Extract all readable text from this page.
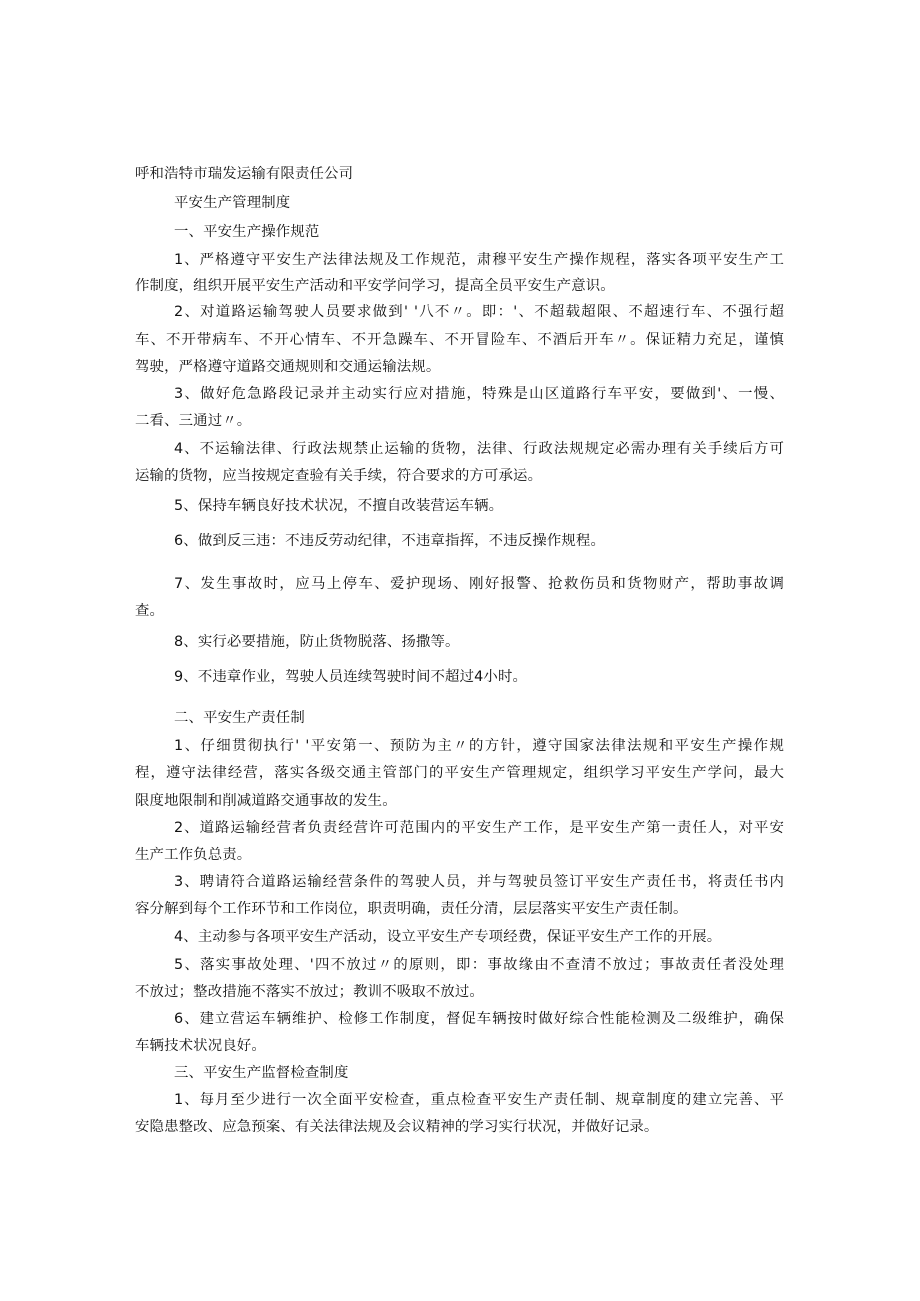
呼和浩特市瑞发运输有限责任公司
平安生产管理制度
一、平安生产操作规范
1、严格遵守平安生产法律法规及工作规范，肃穆平安生产操作规程，落实各项平安生产工
作制度，组织开展平安生产活动和平安学问学习，提高全员平安生产意识。
2、对道路运输驾驶人员要求做到' '八不〃。即：'、不超载超限、不超速行车、不强行超
车、不开带病车、不开心情车、不开急躁车、不开冒险车、不酒后开车〃。保证精力充足，谨慎
驾驶，严格遵守道路交通规则和交通运输法规。
3、做好危急路段记录并主动实行应对措施，特殊是山区道路行车平安，要做到'、一慢、
二看、三通过〃。
4、不运输法律、行政法规禁止运输的货物，法律、行政法规规定必需办理有关手续后方可
运输的货物，应当按规定查验有关手续，符合要求的方可承运。
5、保持车辆良好技术状况，不擅自改装营运车辆。
6、做到反三违：不违反劳动纪律，不违章指挥，不违反操作规程。
7、发生事故时，应马上停车、爱护现场、刚好报警、抢救伤员和货物财产，帮助事故调
查。
8、实行必要措施，防止货物脱落、扬撒等。
9、不违章作业，驾驶人员连续驾驶时间不超过4小时。
二、平安生产责任制
1、仔细贯彻执行' '平安第一、预防为主〃的方针，遵守国家法律法规和平安生产操作规
程，遵守法律经营，落实各级交通主管部门的平安生产管理规定，组织学习平安生产学问，最大
限度地限制和削减道路交通事故的发生。
2、道路运输经营者负责经营许可范围内的平安生产工作，是平安生产第一责任人，对平安
生产工作负总责。
3、聘请符合道路运输经营条件的驾驶人员，并与驾驶员签订平安生产责任书，将责任书内
容分解到每个工作环节和工作岗位，职责明确，责任分清，层层落实平安生产责任制。
4、主动参与各项平安生产活动，设立平安生产专项经费，保证平安生产工作的开展。
5、落实事故处理、'四不放过〃的原则，即：事故缘由不查清不放过；事故责任者没处理
不放过；整改措施不落实不放过；教训不吸取不放过。
6、建立营运车辆维护、检修工作制度，督促车辆按时做好综合性能检测及二级维护，确保
车辆技术状况良好。
三、平安生产监督检查制度
1、每月至少进行一次全面平安检查，重点检查平安生产责任制、规章制度的建立完善、平
安隐患整改、应急预案、有关法律法规及会议精神的学习实行状况，并做好记录。
